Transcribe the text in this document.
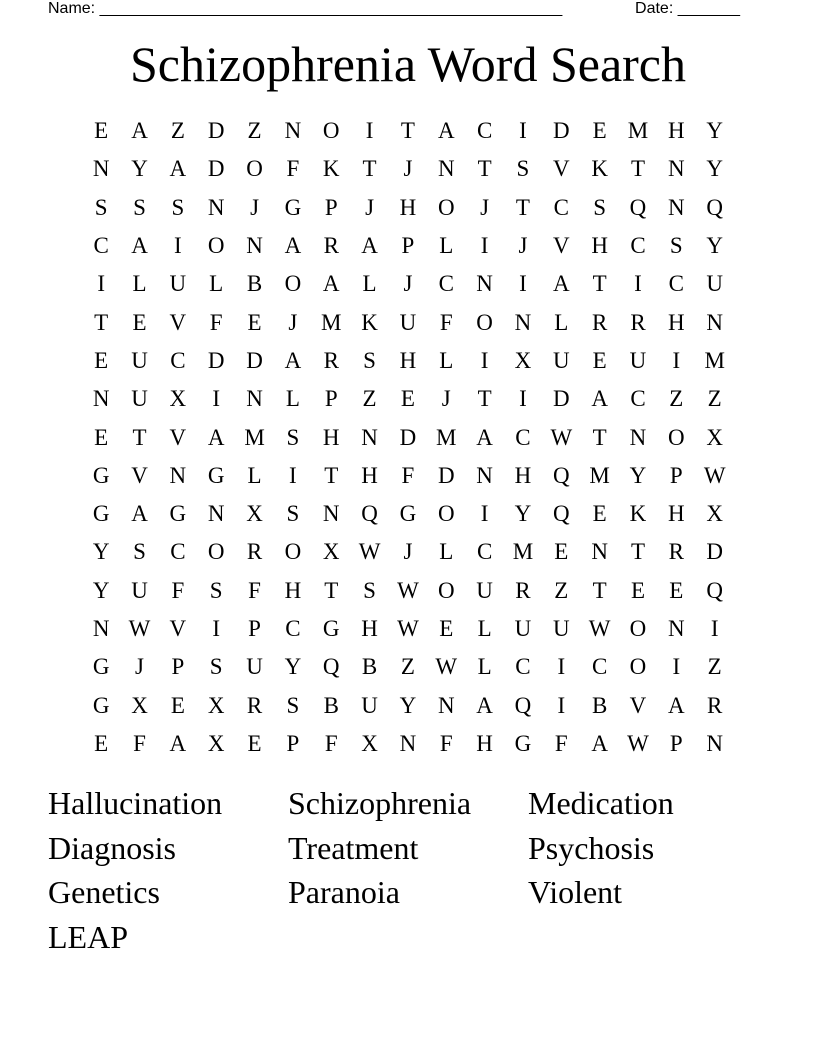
Name: ____________________________________________________	Date: _______
Schizophrenia Word Search
E	A	Z	D	Z	N O	I	T	A C	I	D	E M H Y
N Y A D O	F	K	T	J	N	T	S	V K	T	N Y
S	S	S	N	J	G	P	J	H O	J	T	C	S	Q N Q
C A	I	O N A R A	P	L	I	J	V H C	S	Y
I	L	U	L	B O A	L	J	C N	I	A	T	I	C U
T	E	V	F	E	J	M K U	F	O N	L	R	R H N
E	U C D D A R	S	H	L	I	X U	E	U	I	M
N U X	I	N	L	P	Z	E	J	T	I	D A C	Z	Z
E	T	V A M S	H N D M A C W T	N O X
G V N G	L	I	T	H	F	D N H Q M Y	P W
G A G N X	S	N Q G O	I	Y Q	E	K H X
Y	S	C O R O X W	J	L	C M E	N	T	R D
Y U	F	S	F	H	T	S W O U R	Z	T	E	E	Q
N W V	I	P	C G H W E	L	U U W O N	I
G	J	P	S	U Y Q B	Z W L	C	I	C O	I	Z
G X	E	X R	S	B U Y N A Q	I	B V A R
E	F	A X	E	P	F	X N	F	H G	F	A W P	N
Hallucination	Schizophrenia	Medication
Diagnosis	Treatment	Psychosis
Genetics	Paranoia	Violent
LEAP
